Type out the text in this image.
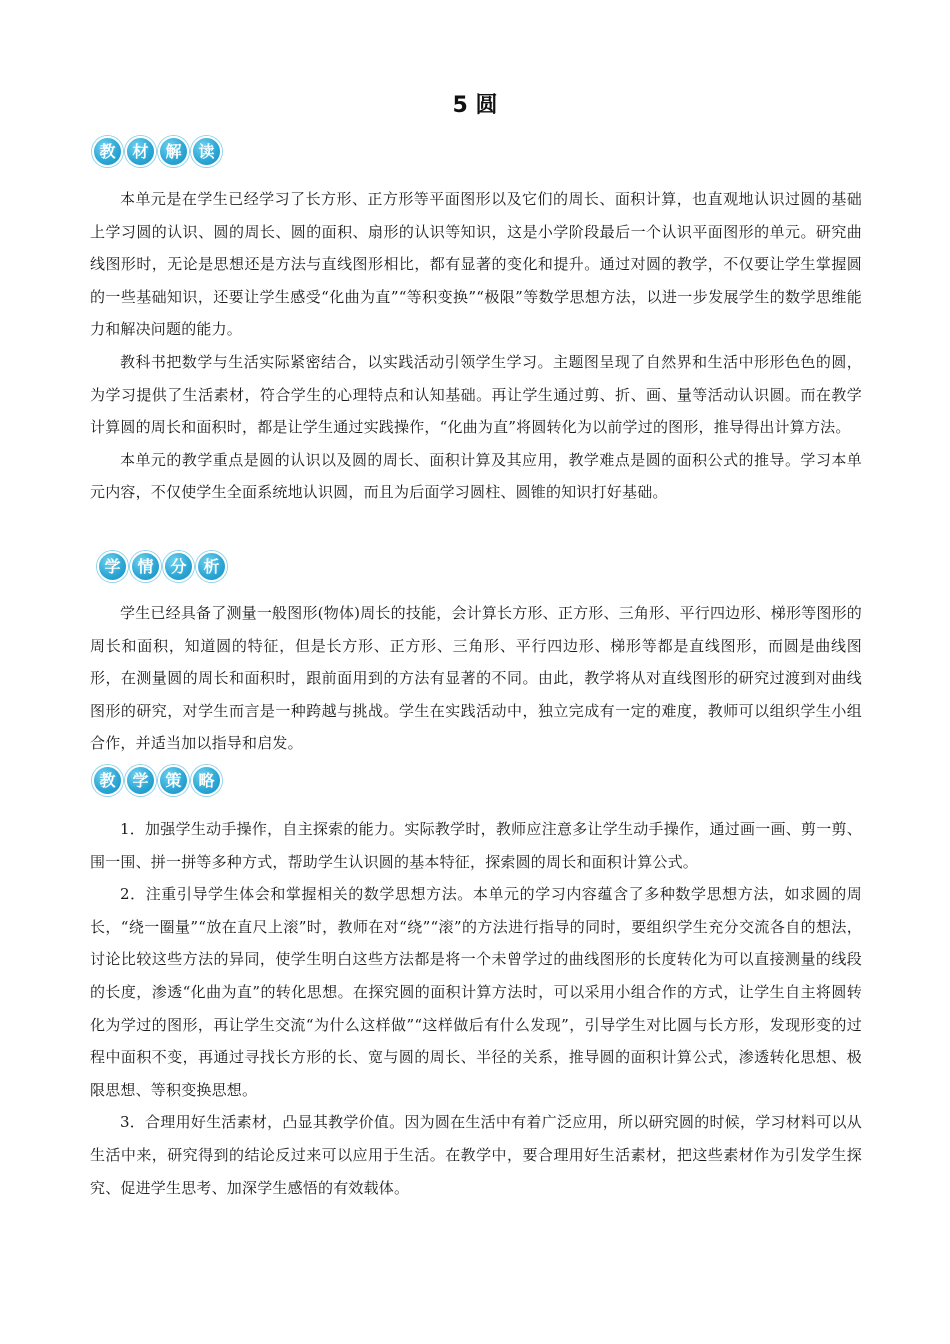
5 圆
教	材	解	读

本单元是在学生已经学习了长方形、正方形等平面图形以及它们的周长、面积计算，也直观地认识过圆的基础上学习圆的认识、圆的周长、圆的面积、扇形的认识等知识，这是小学阶段最后一个认识平面图形的单元。研究曲线图形时，无论是思想还是方法与直线图形相比，都有显著的变化和提升。通过对圆的教学，不仅要让学生掌握圆的一些基础知识，还要让学生感受“化曲为直”“等积变换”“极限”等数学思想方法，以进一步发展学生的数学思维能力和解决问题的能力。

教科书把数学与生活实际紧密结合，以实践活动引领学生学习。主题图呈现了自然界和生活中形形色色的圆，为学习提供了生活素材，符合学生的心理特点和认知基础。再让学生通过剪、折、画、量等活动认识圆。而在教学计算圆的周长和面积时，都是让学生通过实践操作，“化曲为直”将圆转化为以前学过的图形，推导得出计算方法。

本单元的教学重点是圆的认识以及圆的周长、面积计算及其应用，教学难点是圆的面积公式的推导。学习本单元内容，不仅使学生全面系统地认识圆，而且为后面学习圆柱、圆锥的知识打好基础。

学	情	分	析

学生已经具备了测量一般图形(物体)周长的技能，会计算长方形、正方形、三角形、平行四边形、梯形等图形的周长和面积，知道圆的特征，但是长方形、正方形、三角形、平行四边形、梯形等都是直线图形，而圆是曲线图形，在测量圆的周长和面积时，跟前面用到的方法有显著的不同。由此，教学将从对直线图形的研究过渡到对曲线图形的研究，对学生而言是一种跨越与挑战。学生在实践活动中，独立完成有一定的难度，教师可以组织学生小组合作，并适当加以指导和启发。

教	学	策	略

1．加强学生动手操作，自主探索的能力。实际教学时，教师应注意多让学生动手操作，通过画一画、剪一剪、围一围、拼一拼等多种方式，帮助学生认识圆的基本特征，探索圆的周长和面积计算公式。

2．注重引导学生体会和掌握相关的数学思想方法。本单元的学习内容蕴含了多种数学思想方法，如求圆的周长，“绕一圈量”“放在直尺上滚”时，教师在对“绕”“滚”的方法进行指导的同时，要组织学生充分交流各自的想法，讨论比较这些方法的异同，使学生明白这些方法都是将一个未曾学过的曲线图形的长度转化为可以直接测量的线段的长度，渗透“化曲为直”的转化思想。在探究圆的面积计算方法时，可以采用小组合作的方式，让学生自主将圆转化为学过的图形，再让学生交流“为什么这样做”“这样做后有什么发现”，引导学生对比圆与长方形，发现形变的过程中面积不变，再通过寻找长方形的长、宽与圆的周长、半径的关系，推导圆的面积计算公式，渗透转化思想、极限思想、等积变换思想。

3．合理用好生活素材，凸显其教学价值。因为圆在生活中有着广泛应用，所以研究圆的时候，学习材料可以从生活中来，研究得到的结论反过来可以应用于生活。在教学中，要合理用好生活素材，把这些素材作为引发学生探究、促进学生思考、加深学生感悟的有效载体。
